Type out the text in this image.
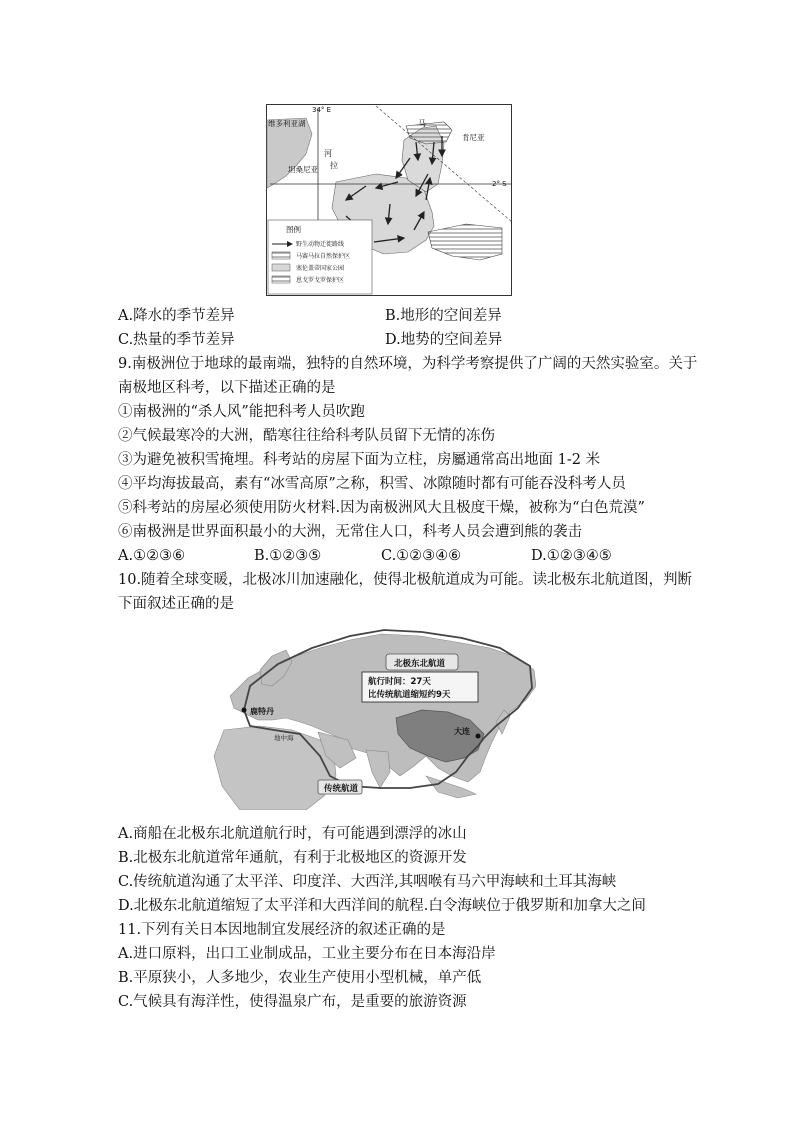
34° E
维多利亚湖
河
拉
坦桑尼亚
马
肯尼亚
2° S
图例
野生动物迁徙路线
马赛马拉自然保护区
塞伦盖蒂国家公园
恩戈罗戈罗保护区
A.降水的季节差异	B.地形的空间差异
C.热量的季节差异	D.地势的空间差异
9.南极洲位于地球的最南端，独特的自然环境，为科学考察提供了广阔的天然实验室。关于
南极地区科考，以下描述正确的是
①南极洲的“杀人风”能把科考人员吹跑
②气候最寒冷的大洲，酷寒往往给科考队员留下无情的冻伤
③为避免被积雪掩埋。科考站的房屋下面为立柱，房屬通常高出地面 1-2 米
④平均海拔最高，素有“冰雪高原”之称，积雪、冰隙随时都有可能吞没科考人员
⑤科考站的房屋必须使用防火材料.因为南极洲风大且极度干燥，被称为“白色荒漠”
⑥南极洲是世界面积最小的大洲，无常住人口，科考人员会遭到熊的袭击
A.①②③⑥	B.①②③⑤	C.①②③④⑥	D.①②③④⑤
10.随着全球变暖，北极冰川加速融化，使得北极航道成为可能。读北极东北航道图，判断
下面叙述正确的是
北极东北航道
航行时间：27天
比传统航道缩短约9天
鹿特丹
大连
地中海
传统航道
A.商船在北极东北航道航行时，有可能遇到漂浮的冰山
B.北极东北航道常年通航，有利于北极地区的资源开发
C.传统航道沟通了太平洋、印度洋、大西洋,其咽喉有马六甲海峡和土耳其海峡
D.北极东北航道缩短了太平洋和大西洋间的航程.白令海峡位于俄罗斯和加拿大之间
11.下列有关日本因地制宜发展经济的叙述正确的是
A.进口原料，出口工业制成品，工业主要分布在日本海沿岸
B.平原狭小，人多地少，农业生产使用小型机械，单产低
C.气候具有海洋性，使得温泉广布，是重要的旅游资源
